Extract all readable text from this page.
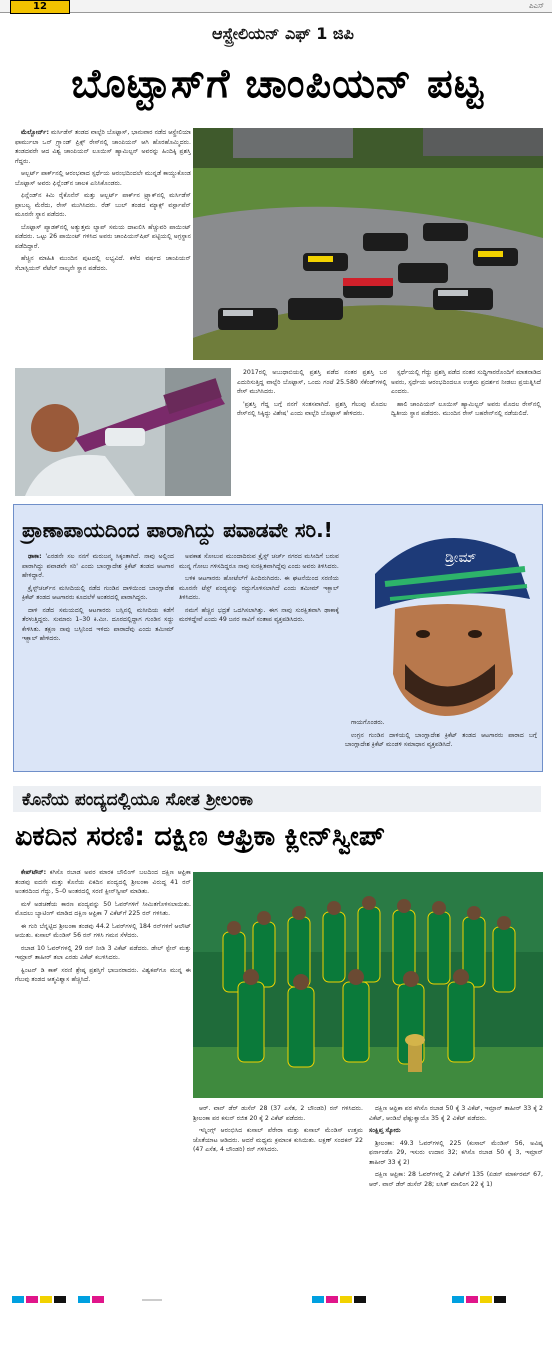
12	ಪಿಎಸ್
ಆಸ್ಟ್ರೇಲಿಯನ್ ಎಫ್ 1 ಜಿಪಿ
ಬೊಟ್ಟಾಸ್‌ಗೆ ಚಾಂಪಿಯನ್ ಪಟ್ಟ

ಮೆಲ್ಬೋರ್ನ್: ಮರ್ಸಿಡೆಸ್ ತಂಡದ ವಾಲ್ಟೆರಿ ಬೊಟ್ಟಾಸ್, ಭಾನುವಾರ ನಡೆದ ಆಸ್ಟ್ರೇಲಿಯಾ ಫಾರ್ಮುಲಾ ಒನ್ ಗ್ರ್ಯಾಂಡ್ ಪ್ರಿಕ್ಸ್ ರೇಸ್‌ನಲ್ಲಿ ಚಾಂಪಿಯನ್ ಆಗಿ ಹೊರಹೊಮ್ಮಿದರು. ತಂಡದವರೇ ಆದ ವಿಶ್ವ ಚಾಂಪಿಯನ್ ಲೂಯಿಸ್ ಹ್ಯಾಮಿಲ್ಟನ್ ಅವರನ್ನು ಹಿಂದಿಕ್ಕಿ ಪ್ರಶಸ್ತಿ ಗೆದ್ದರು.

ಆಲ್ಬರ್ಟ್ ಪಾರ್ಕ್‌ನಲ್ಲಿ ಆರಂಭವಾದ ಸ್ಪರ್ಧೆಯ ಆರಂಭದಿಂದಲೇ ಮುನ್ನಡೆ ಕಾಯ್ದುಕೊಂಡ ಬೊಟ್ಟಾಸ್ ಅವರು ಫಿನ್ಲೆಂಡ್‌ನ ಚಾಲಕ ಎನಿಸಿಕೊಂಡರು.

ಫಿನ್ಲೆಂಡ್‌ನ ಕಿಮಿ ರೈಕೊನೆನ್ ಮತ್ತು ಆಲ್ಬರ್ಟ್ ಪಾರ್ಕ್‌ನ ಟ್ರ್ಯಾಕ್‌ನಲ್ಲಿ ಮರ್ಸಿಡೆಸ್ ಪ್ರಾಬಲ್ಯ ಮೆರೆದು, ರೇಸ್ ಮುಗಿಸಿದರು. ರೆಡ್ ಬುಲ್ ತಂಡದ ಮ್ಯಾಕ್ಸ್ ವರ್ಸ್ಟಾಪೆನ್ ಮೂರನೇ ಸ್ಥಾನ ಪಡೆದರು.

ಬೊಟ್ಟಾಸ್ ಪ್ಯಾಡಕ್‌ನಲ್ಲಿ ಅತ್ಯುತ್ತಮ ಲ್ಯಾಪ್ ಸಮಯ ದಾಖಲಿಸಿ ಹೆಚ್ಚುವರಿ ಪಾಯಿಂಟ್ ಪಡೆದರು. ಒಟ್ಟು 26 ಪಾಯಿಂಟ್ ಗಳಿಸಿದ ಅವರು ಚಾಂಪಿಯನ್‌ಷಿಪ್ ಪಟ್ಟಿಯಲ್ಲಿ ಅಗ್ರಸ್ಥಾನ ಪಡೆದಿದ್ದಾರೆ.

ಹೆಚ್ಚಿನ ಮಾಹಿತಿ ಮುಂದಿನ ಪುಟದಲ್ಲಿ ಲಭ್ಯವಿದೆ. ಕಳೆದ ವರ್ಷದ ಚಾಂಪಿಯನ್ ಸೆಬಾಸ್ಟಿಯನ್ ವೆಟೆಲ್ ನಾಲ್ಕನೇ ಸ್ಥಾನ ಪಡೆದರು.

2017ರಲ್ಲಿ ಅಬುಧಾಬಿಯಲ್ಲಿ ಪ್ರಶಸ್ತಿ ಪಡೆದ ನಂತರ ಪ್ರಶಸ್ತಿ ಬರ ಎದುರಿಸುತ್ತಿದ್ದ ವಾಲ್ಟೆರಿ ಬೊಟ್ಟಾಸ್, ಒಂದು ಗಂಟೆ 25.580 ಸೆಕೆಂಡ್‌ಗಳಲ್ಲಿ ರೇಸ್ ಮುಗಿಸಿದರು.

'ಪ್ರಶಸ್ತಿ ಗೆದ್ದ ಬಗ್ಗೆ ನನಗೆ ಸಂತಸವಾಗಿದೆ. ಪ್ರಶಸ್ತಿ ಗೆಲುವು ಮೊದಲ ರೇಸ್‌ನಲ್ಲಿ ಸಿಕ್ಕಿದ್ದು ವಿಶೇಷ' ಎಂದು ವಾಲ್ಟೆರಿ ಬೊಟ್ಟಾಸ್ ಹೇಳಿದರು.

ಸ್ಪರ್ಧೆಯಲ್ಲಿ ಗೆದ್ದು ಪ್ರಶಸ್ತಿ ಪಡೆದ ನಂತರ ಸುದ್ದಿಗಾರರೊಂದಿಗೆ ಮಾತನಾಡಿದ ಅವರು, ಸ್ಪರ್ಧೆಯ ಆರಂಭದಿಂದಲೂ ಉತ್ತಮ ಪ್ರದರ್ಶನ ನೀಡಲು ಪ್ರಯತ್ನಿಸಿದೆ ಎಂದರು.

ಹಾಲಿ ಚಾಂಪಿಯನ್ ಲೂಯಿಸ್ ಹ್ಯಾಮಿಲ್ಟನ್ ಅವರು ಮೊದಲ ರೇಸ್‌ನಲ್ಲಿ ದ್ವಿತೀಯ ಸ್ಥಾನ ಪಡೆದರು. ಮುಂದಿನ ರೇಸ್ ಬಹರೇನ್‌ನಲ್ಲಿ ನಡೆಯಲಿದೆ.

ಪ್ರಾಣಾಪಾಯದಿಂದ ಪಾರಾಗಿದ್ದು ಪವಾಡವೇ ಸರಿ.!
ಡ್ರೀಮ್

ಢಾಕಾ: 'ಎರಡನೇ ಸಲ ನನಗೆ ಮರುಜನ್ಮ ಸಿಕ್ಕಂತಾಗಿದೆ. ನಾವು ಅಲ್ಲಿಂದ ಪಾರಾಗಿದ್ದು ಪವಾಡವೇ ಸರಿ' ಎಂದು ಬಾಂಗ್ಲಾದೇಶ ಕ್ರಿಕೆಟ್ ತಂಡದ ಆಟಗಾರ ಹೇಳಿದ್ದಾರೆ.

ಕ್ರೈಸ್ಟ್‌ಚರ್ಚ್‌ನ ಮಸೀದಿಯಲ್ಲಿ ನಡೆದ ಗುಂಡಿನ ದಾಳಿಯಿಂದ ಬಾಂಗ್ಲಾದೇಶ ಕ್ರಿಕೆಟ್ ತಂಡದ ಆಟಗಾರರು ಕೂದಲೆಳೆ ಅಂತರದಲ್ಲಿ ಪಾರಾಗಿದ್ದರು.

ದಾಳಿ ನಡೆದ ಸಮಯದಲ್ಲಿ ಆಟಗಾರರು ಬಸ್ಸಿನಲ್ಲಿ ಮಸೀದಿಯ ಕಡೆಗೆ ತೆರಳುತ್ತಿದ್ದರು. ಸುಮಾರು 1–30 ಕಿ.ಮೀ. ದೂರದಲ್ಲಿದ್ದಾಗ ಗುಂಡಿನ ಸದ್ದು ಕೇಳಿಸಿತು. ತಕ್ಷಣ ನಾವು ಬಸ್ಸಿನಿಂದ ಇಳಿದು ಪಾರಾದೆವು ಎಂದು ತಮೀಮ್ ಇಕ್ಬಾಲ್ ಹೇಳಿದರು.

ಅವಕಾಶ ಸೋಲುವ ಮುಂದಾದಿರುವ ಕ್ರೈಸ್ಟ್ ಚರ್ಚ್ ನಗರದ ಮಸೀದಿಗೆ ಬರುವ ಮುನ್ನ ಗೋಲು ಗಳಿಸದಿದ್ದರೂ ನಾವು ಸುರಕ್ಷಿತವಾಗಿದ್ದೆವು ಎಂದು ಅವರು ತಿಳಿಸಿದರು.

ಬಳಿಕ ಆಟಗಾರರು ಹೋಟೆಲ್‌ಗೆ ಹಿಂದಿರುಗಿದರು. ಈ ಘಟನೆಯಿಂದ ಸರಣಿಯ ಮೂರನೇ ಟೆಸ್ಟ್ ಪಂದ್ಯವನ್ನು ರದ್ದುಗೊಳಿಸಲಾಗಿದೆ ಎಂದು ತಮೀಮ್ ಇಕ್ಬಾಲ್ ತಿಳಿಸಿದರು.

ನಮಗೆ ಹೆಚ್ಚಿನ ಭದ್ರತೆ ಒದಗಿಸಲಾಗಿತ್ತು. ಈಗ ನಾವು ಸುರಕ್ಷಿತವಾಗಿ ಢಾಕಾಕ್ಕೆ ಮರಳಿದ್ದೇವೆ ಎಂದು 49 ಜನರ ಸಾವಿಗೆ ಸಂತಾಪ ವ್ಯಕ್ತಪಡಿಸಿದರು.

ಗಾಯಗೊಂಡರು.

ಉಗ್ರನ ಗುಂಡಿನ ದಾಳಿಯಲ್ಲಿ ಬಾಂಗ್ಲಾದೇಶ ಕ್ರಿಕೆಟ್ ತಂಡದ ಆಟಗಾರರು ಪಾರಾದ ಬಗ್ಗೆ ಬಾಂಗ್ಲಾದೇಶ ಕ್ರಿಕೆಟ್ ಮಂಡಳಿ ಸಮಾಧಾನ ವ್ಯಕ್ತಪಡಿಸಿದೆ.

ಕೊನೆಯ ಪಂದ್ಯದಲ್ಲಿಯೂ ಸೋತ ಶ್ರೀಲಂಕಾ
ಏಕದಿನ ಸರಣಿ: ದಕ್ಷಿಣ ಆಫ್ರಿಕಾ ಕ್ಲೀನ್‌ಸ್ವೀಪ್

ಕೇಪ್‌ಟೌನ್: ಕಗಿಸೊ ರಬಾಡ ಅವರ ಮಾರಕ ಬೌಲಿಂಗ್ ಬಲದಿಂದ ದಕ್ಷಿಣ ಆಫ್ರಿಕಾ ತಂಡವು ಐದನೇ ಮತ್ತು ಕೊನೆಯ ಏಕದಿನ ಪಂದ್ಯದಲ್ಲಿ ಶ್ರೀಲಂಕಾ ವಿರುದ್ಧ 41 ರನ್ ಅಂತರದಿಂದ ಗೆದ್ದು, 5–0 ಅಂತರದಲ್ಲಿ ಸರಣಿ ಕ್ಲೀನ್‌ಸ್ವೀಪ್ ಮಾಡಿತು.

ಮಳೆ ಅಡಚಣೆಯ ಕಾರಣ ಪಂದ್ಯವನ್ನು 50 ಓವರ್‌ಗಳಿಗೆ ಸೀಮಿತಗೊಳಿಸಲಾಯಿತು. ಮೊದಲು ಬ್ಯಾಟಿಂಗ್ ಮಾಡಿದ ದಕ್ಷಿಣ ಆಫ್ರಿಕಾ 7 ವಿಕೆಟ್‌ಗೆ 225 ರನ್ ಗಳಿಸಿತು.

ಈ ಗುರಿ ಬೆನ್ನಟ್ಟಿದ ಶ್ರೀಲಂಕಾ ತಂಡವು 44.2 ಓವರ್‌ಗಳಲ್ಲಿ 184 ರನ್‌ಗಳಿಗೆ ಆಲೌಟ್ ಆಯಿತು. ಕುಸಾಲ್ ಮೆಂಡಿಸ್ 56 ರನ್ ಗಳಿಸಿ ಗಮನ ಸೆಳೆದರು.

ರಬಾಡ 10 ಓವರ್‌ಗಳಲ್ಲಿ 29 ರನ್ ನೀಡಿ 3 ವಿಕೆಟ್ ಪಡೆದರು. ಡೇಲ್ ಸ್ಟೇನ್ ಮತ್ತು ಇಮ್ರಾನ್ ತಾಹೀರ್ ತಲಾ ಎರಡು ವಿಕೆಟ್ ಕಬಳಿಸಿದರು.

ಕ್ವಿಂಟನ್ ಡಿ ಕಾಕ್ ಸರಣಿ ಶ್ರೇಷ್ಠ ಪ್ರಶಸ್ತಿಗೆ ಭಾಜನರಾದರು. ವಿಶ್ವಕಪ್‌ಗೂ ಮುನ್ನ ಈ ಗೆಲುವು ತಂಡದ ಆತ್ಮವಿಶ್ವಾಸ ಹೆಚ್ಚಿಸಿದೆ.

ಆರ್. ವಾನ್ ಡೆರ್ ಡುಸೆನ್ 28 (37 ಎಸೆತ, 2 ಬೌಂಡರಿ) ರನ್ ಗಳಿಸಿದರು. ಶ್ರೀಲಂಕಾ ಪರ ಕಸುನ್ ರಜಿತ 20 ಕ್ಕೆ 2 ವಿಕೆಟ್ ಪಡೆದರು.

ಇನ್ನಿಂಗ್ಸ್ ಆರಂಭಿಸಿದ ಕುಸಾಲ್ ಪೆರೇರಾ ಮತ್ತು ಕುಸಾಲ್ ಮೆಂಡಿಸ್ ಉತ್ತಮ ಜೊತೆಯಾಟ ಆಡಿದರು. ಆದರೆ ಮಧ್ಯಮ ಕ್ರಮಾಂಕ ಕುಸಿಯಿತು. ಲಕ್ಷಣ್ ಸಂದಕನ್ 22 (47 ಎಸೆತ, 4 ಬೌಂಡರಿ) ರನ್ ಗಳಿಸಿದರು.

ದಕ್ಷಿಣ ಆಫ್ರಿಕಾ ಪರ ಕಗಿಸೊ ರಬಾಡ 50 ಕ್ಕೆ 3 ವಿಕೆಟ್, ಇಮ್ರಾನ್ ತಾಹೀರ್ 33 ಕ್ಕೆ 2 ವಿಕೆಟ್, ಆಂಡಿಲೆ ಫೆಹ್ಲುಕ್ವಾಯೊ 35 ಕ್ಕೆ 2 ವಿಕೆಟ್ ಪಡೆದರು.

ಸಂಕ್ಷಿಪ್ತ ಸ್ಕೋರು

ಶ್ರೀಲಂಕಾ: 49.3 ಓವರ್‌ಗಳಲ್ಲಿ 225 (ಕುಸಾಲ್ ಮೆಂಡಿಸ್ 56, ಅವಿಷ್ಕ ಫರ್ನಾಂಡೊ 29, ಇಸುರು ಉದಾನ 32; ಕಗಿಸೊ ರಬಾಡ 50 ಕ್ಕೆ 3, ಇಮ್ರಾನ್ ತಾಹೀರ್ 33 ಕ್ಕೆ 2)

ದಕ್ಷಿಣ ಆಫ್ರಿಕಾ: 28 ಓವರ್‌ಗಳಲ್ಲಿ 2 ವಿಕೆಟ್‌ಗೆ 135 (ಏಡನ್ ಮಾರ್ಕರಮ್ 67, ಆರ್. ವಾನ್ ಡೆರ್ ಡುಸೆನ್ 28; ಲಸಿತ್ ಮಾಲಿಂಗ 22 ಕ್ಕೆ 1)
